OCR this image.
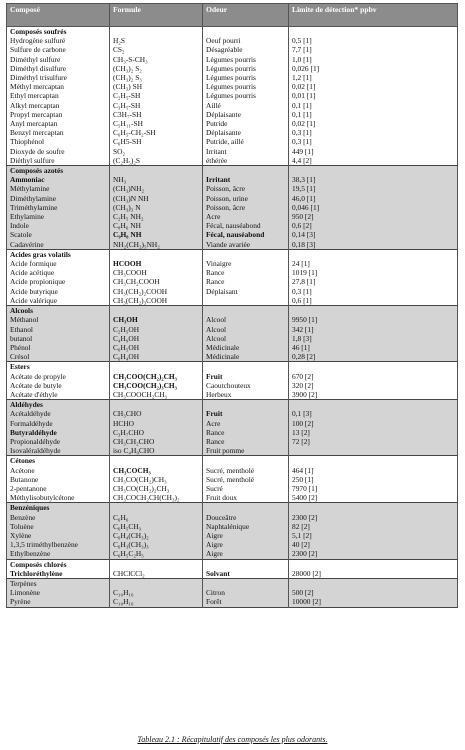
Composé	Formule	Odeur	Limite de détection* ppbv
Composés soufrés			
Hydrogène sulfuré	H₂S	Oeuf pourri	0,5 [1]
Sulfure de carbone	CS₂	Désagréable	7,7 [1]
Diméthyl sulfure	CH₃-S-CH₃	Légumes pourris	1,0 [1]
Diméthyl disulfure	(CH₃)₂ S₂	Légumes pourris	0,026 [1]
Diméthyl trisulfure	(CH₃)₂ S₃	Légumes pourris	1,2 [1]
Méthyl mercaptan	(CH₃) SH	Légumes pourris	0,02 [1]
Ethyl mercaptan	C₂H₅-SH	Légumes pourris	0,01 [1]
Alkyl mercaptan	C₃H₅-SH	Aillé	0,1 [1]
Propyl mercaptan	C3H₇-SH	Déplaisante	0,1 [1]
Anyl mercaptan	C₅H₁₁-SH	Putride	0,02 [1]
Benzyl mercaptan	C₆H₅-CH₂-SH	Déplaisante	0,3 [1]
Thiophénol	C₆H5-SH	Putride, aillé	0,3 [1]
Dioxyde de soufre	SO₂	Irritant	449 [1]
Diéthyl sulfure	(C₂H₅)₂S	éthérée	4,4 [2]
Composés azotés			
Ammoniac	NH₃	Irritant	38,3 [1]
Méthylamine	(CH₃)NH₂	Poisson, âcre	19,5 [1]
Diméthylamine	(CH₃)N NH	Poisson, urine	46,0 [1]
Triméthylamine	(CH₃)₃ N	Poisson, âcre	0,046 [1]
Ethylamine	C₂H₅ NH₂	Acre	950 [2]
Indole	C₈H₆ NH	Fécal, nauséabond	0,6 [2]
Scatole	C₉H₈ NH	Fécal, nauséabond	0,14 [3]
Cadavérine	NH₂(CH₂)₅NH₂	Viande avariée	0,18 [3]
Acides gras volatils			
Acide formique	HCOOH	Vinaigre	24 [1]
Acide acétique	CH₃COOH	Rance	1019 [1]
Acide propionique	CH₃CH₂COOH	Rance	27,8 [1]
Acide butyrique	CH₃(CH₂)₂COOH	Déplaisant	0,3 [1]
Acide valérique	CH₃(CH₂)₃COOH		0,6 [1]
Alcools			
Méthanol	CH₃OH	Alcool	9950 [1]
Ethanol	C₂H₅OH	Alcool	342 [1]
butanol	C₄H₉OH	Alcool	1,8 [3]
Phénol	C₆H₅OH	Médicinale	46 [1]
Crésol	C₆H₄OH	Médicinale	0,28 [2]
Esters			
Acétate de propyle	CH₃COO(CH₂)₂CH₃	Fruit	670 [2]
Acétate de butyle	CH₃COO(CH₂)₃CH₃	Caoutchouteux	320 [2]
Acétate d'éthyle	CH₃COOCH₂CH₃	Herbeux	3900 [2]
Aldéhydes			
Acétaldéhyde	CH₃CHO	Fruit	0,1 [3]
Formaldéhyde	HCHO	Acre	100 [2]
Butyraldéhyde	C₃H₇CHO	Rance	13 [2]
Propionaldéhyde	CH₃CH₂CHO	Rance	72 [2]
Isovaléraldéhyde	iso C₄H₉CHO	Fruit pomme	
Cétones			
Acétone	CH₃COCH₃	Sucré, mentholé	464 [1]
Butanone	CH₃CO(CH₂)CH₃	Sucré, mentholé	250 [1]
2-pentanone	CH₃CO(CH₂)₂CH₃	Sucré	7970 [1]
Méthylisobutylcétone	CH₃COCH₂CH(CH₃)₂	Fruit doux	5400 [2]
Benzéniques			
Benzène	C₆H₆	Douceâtre	2300 [2]
Toluène	C₆H₅CH₃	Naphtalénique	82 [2]
Xylène	C₆H₄(CH₃)₂	Aigre	5,1 [2]
1,3,5 triméthylbenzène	C₆H₃(CH₃)₃	Aigre	40 [2]
Ethylbenzène	C₆H₅C₂H₅	Aigre	2300 [2]
Composés chlorés			
Trichloréthylène	CHClCCl₂	Solvant	28000 [2]
Terpènes			
Limonène	C₁₀H₁₆	Citron	500 [2]
Pyrène	C₁₀H₁₆	Forêt	10000 [2]
Tableau 2.1 : Récapitulatif des composés les plus odorants.
